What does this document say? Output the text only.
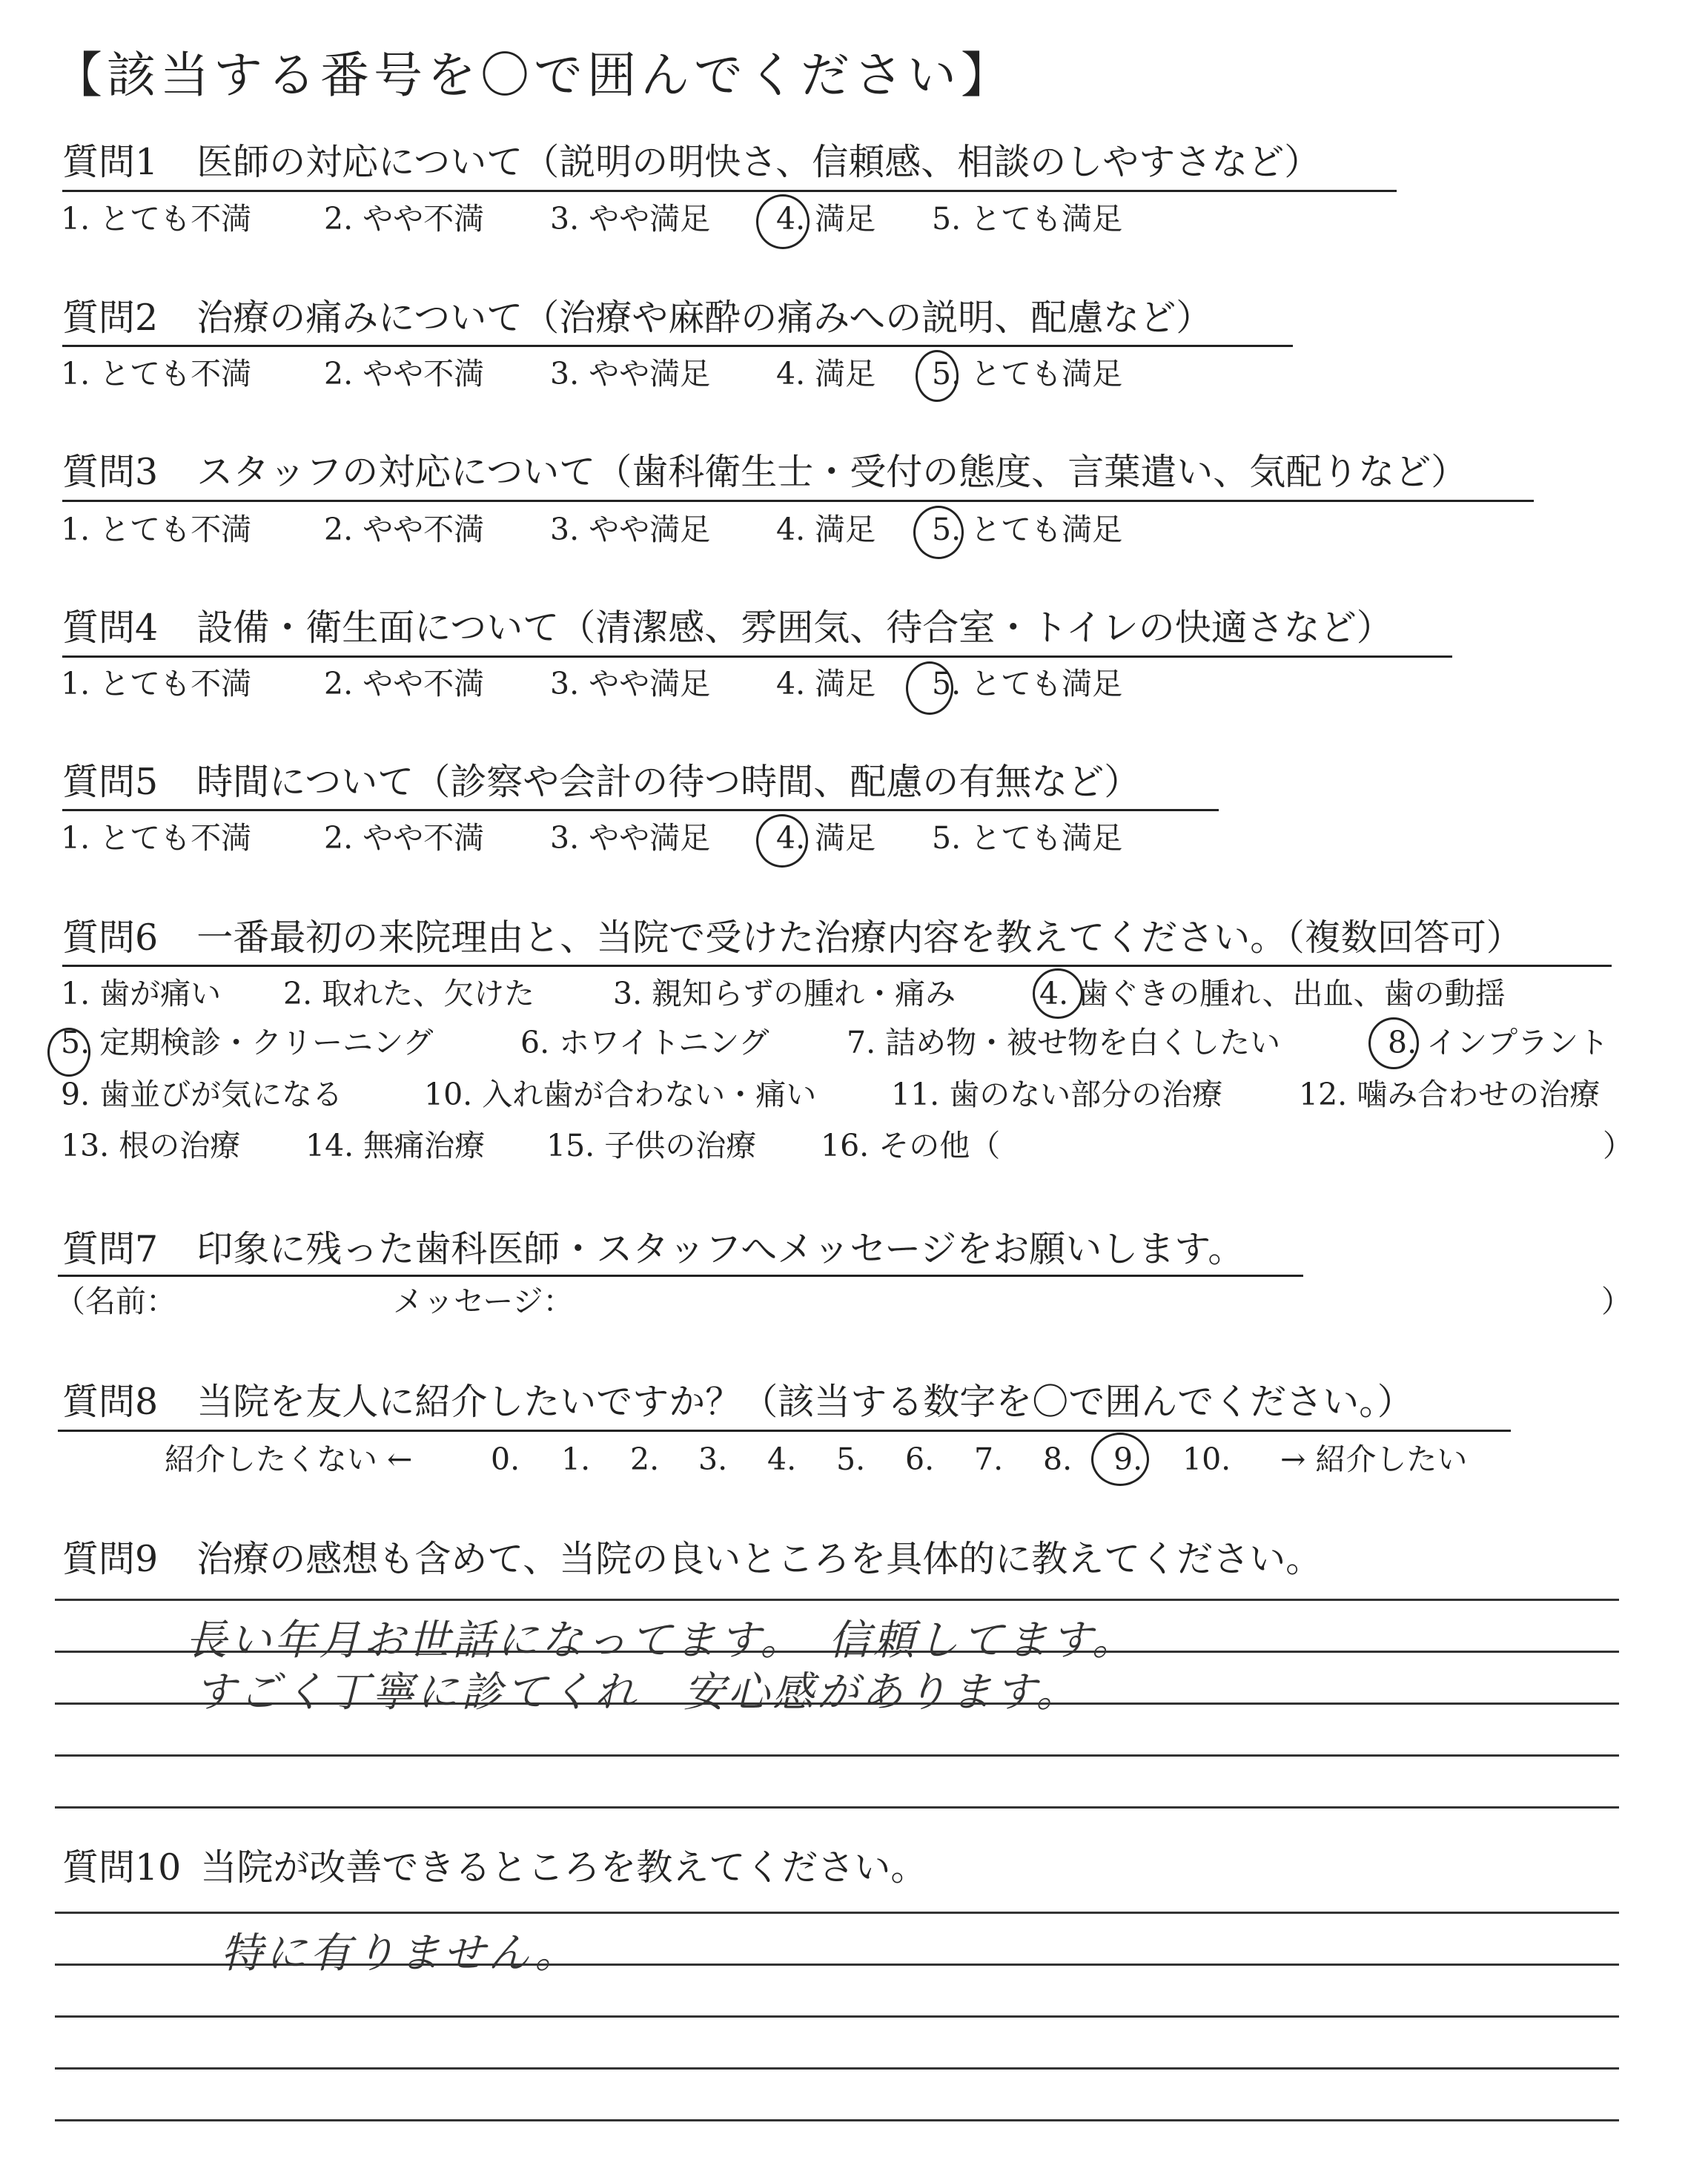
【該当する番号を〇で囲んでください】
質問1 医師の対応について（説明の明快さ、信頼感、相談のしやすさなど）
1. とても不満 2. やや不満 3. やや満足 4. 満足 5. とても満足
質問2 治療の痛みについて（治療や麻酔の痛みへの説明、配慮など）
1. とても不満 2. やや不満 3. やや満足 4. 満足 5. とても満足
質問3 スタッフの対応について（歯科衛生士・受付の態度、言葉遣い、気配りなど）
1. とても不満 2. やや不満 3. やや満足 4. 満足 5. とても満足
質問4 設備・衛生面について（清潔感、雰囲気、待合室・トイレの快適さなど）
1. とても不満 2. やや不満 3. やや満足 4. 満足 5. とても満足
質問5 時間について（診察や会計の待つ時間、配慮の有無など）
1. とても不満 2. やや不満 3. やや満足 4. 満足 5. とても満足
質問6 一番最初の来院理由と、当院で受けた治療内容を教えてください。（複数回答可）
1. 歯が痛い 2. 取れた、欠けた	3. 親知らずの腫れ・痛み	4. 歯ぐきの腫れ、出血、歯の動揺
5. 定期検診・クリーニング	6. ホワイトニング	7. 詰め物・被せ物を白くしたい	8. インプラント
9. 歯並びが気になる	10. 入れ歯が合わない・痛い 11. 歯のない部分の治療	12. 噛み合わせの治療
13. 根の治療 14. 無痛治療 15. 子供の治療 16. その他（	）
質問7 印象に残った歯科医師・スタッフへメッセージをお願いします。
（名前：	メッセージ：	）
質問8 当院を友人に紹介したいですか？（該当する数字を〇で囲んでください。）
紹介したくない ←	0. 1. 2. 3. 4. 5. 6. 7. 8. 9. 10. → 紹介したい
質問9 治療の感想も含めて、当院の良いところを具体的に教えてください。
長い年月お世話になってます。　信頼してます。
すごく丁寧に診てくれ　安心感があります。
質問10 当院が改善できるところを教えてください。
特に有りません。
